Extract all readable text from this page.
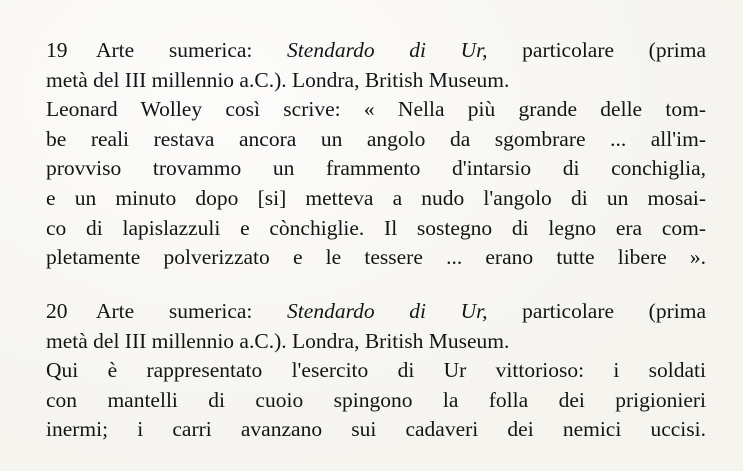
19 Arte sumerica: Stendardo di Ur, particolare (prima
metà del III millennio a.C.). Londra, British Museum.
Leonard Wolley così scrive: « Nella più grande delle tom-
be reali restava ancora un angolo da sgombrare ... all'im-
provviso trovammo un frammento d'intarsio di conchiglia,
e un minuto dopo [si] metteva a nudo l'angolo di un mosai-
co di lapislazzuli e cònchiglie. Il sostegno di legno era com-
pletamente polverizzato e le tessere ... erano tutte libere ».
20 Arte sumerica: Stendardo di Ur, particolare (prima
metà del III millennio a.C.). Londra, British Museum.
Qui è rappresentato l'esercito di Ur vittorioso: i soldati
con mantelli di cuoio spingono la folla dei prigionieri
inermi; i carri avanzano sui cadaveri dei nemici uccisi.
